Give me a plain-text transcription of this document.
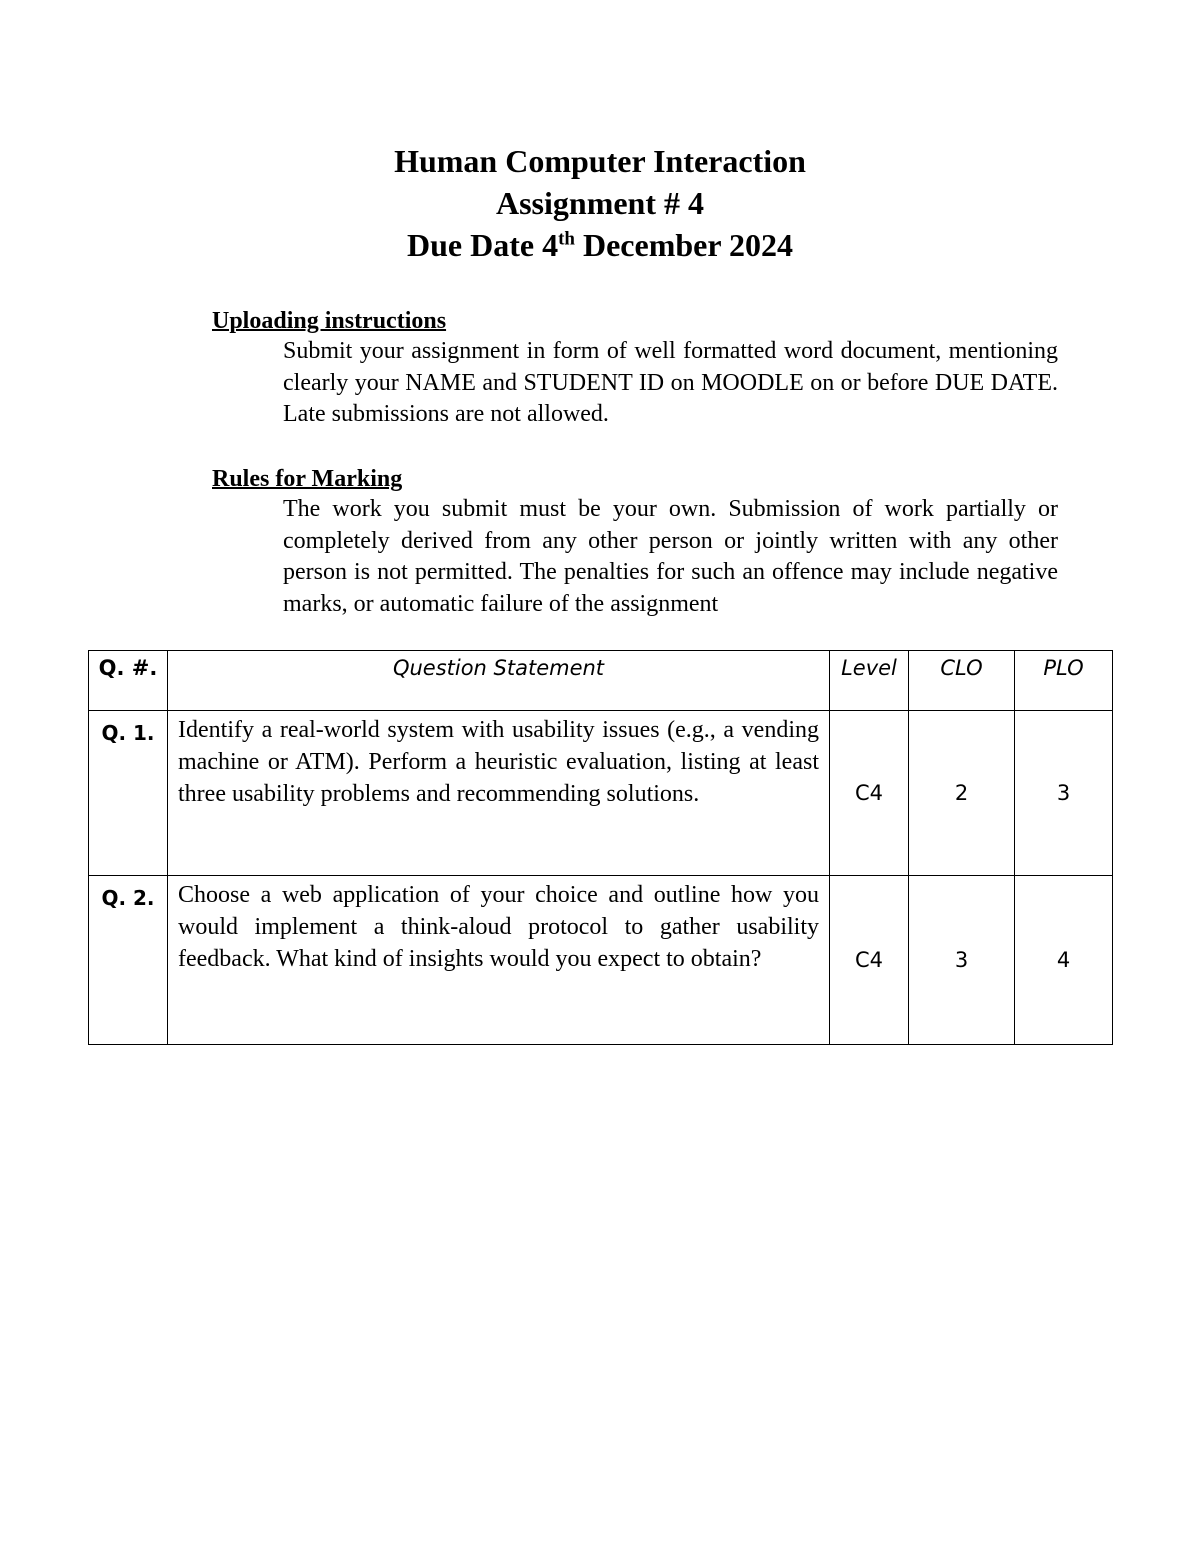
Human Computer Interaction
Assignment # 4
Due Date 4th December 2024
Uploading instructions
Submit your assignment in form of well formatted word document, mentioning clearly your NAME and STUDENT ID on MOODLE on or before DUE DATE. Late submissions are not allowed.
Rules for Marking
The work you submit must be your own. Submission of work partially or completely derived from any other person or jointly written with any other person is not permitted. The penalties for such an offence may include negative marks, or automatic failure of the assignment
Q. #.	Question Statement	Level	CLO	PLO
Q. 1.	Identify a real-world system with usability issues (e.g., a vending machine or ATM). Perform a heuristic evaluation, listing at least three usability problems and recommending solutions.	C4	2	3
Q. 2.	Choose a web application of your choice and outline how you would implement a think-aloud protocol to gather usability feedback. What kind of insights would you expect to obtain?	C4	3	4
